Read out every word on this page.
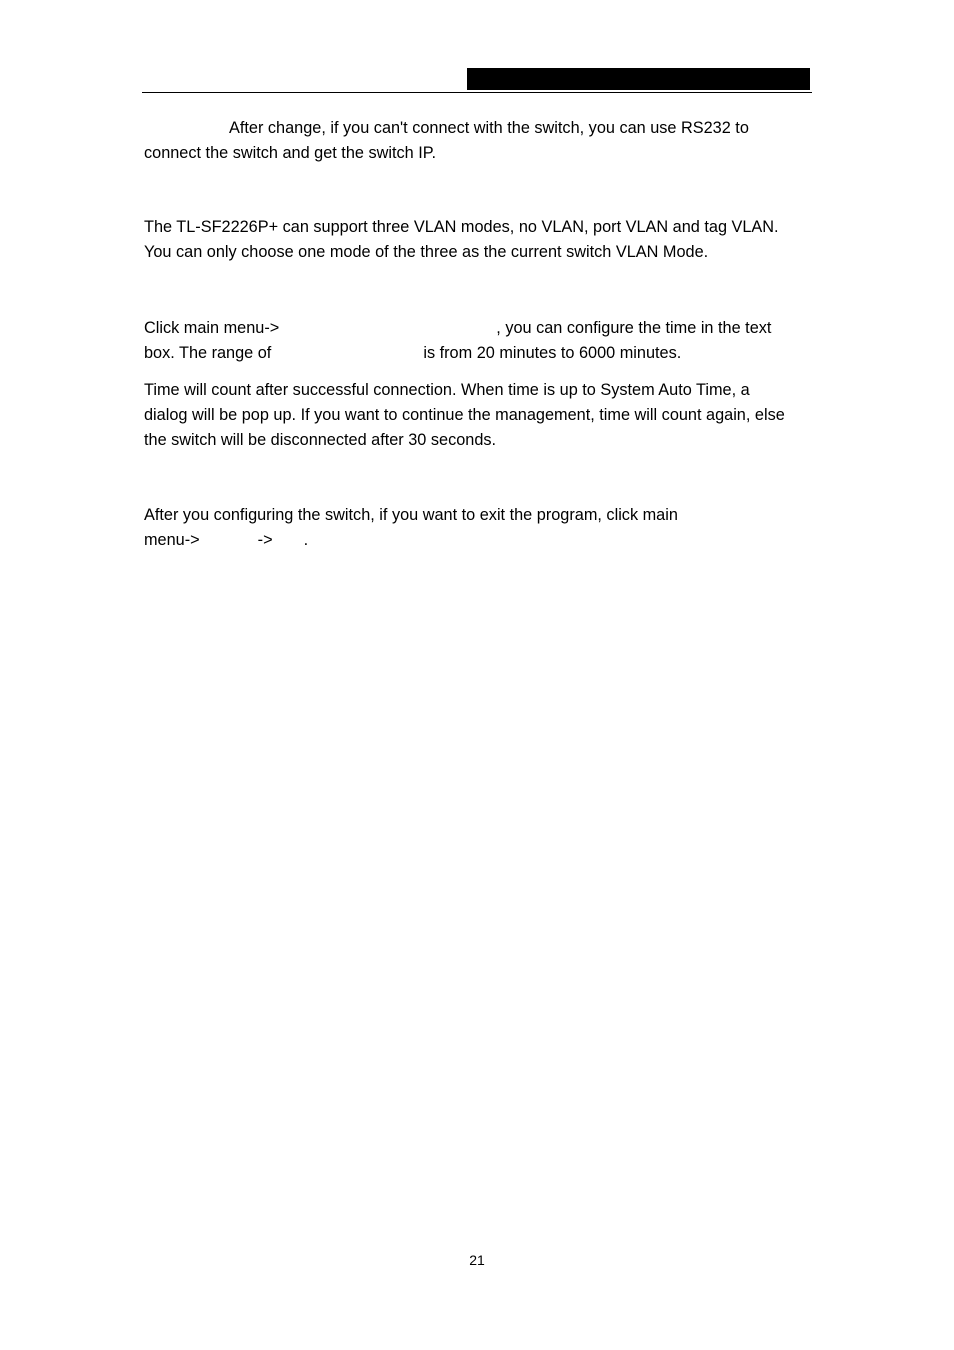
After change, if you can't connect with the switch, you can use RS232 to
connect the switch and get the switch IP.
The TL-SF2226P+ can support three VLAN modes, no VLAN, port VLAN and tag VLAN.
You can only choose one mode of the three as the current switch VLAN Mode.
Click main menu->	, you can configure the time in the text
box. The range of	is from 20 minutes to 6000 minutes.
Time will count after successful connection. When time is up to System Auto Time, a
dialog will be pop up. If you want to continue the management, time will count again, else
the switch will be disconnected after 30 seconds.
After you configuring the switch, if you want to exit the program, click main
menu->	-> .
21
